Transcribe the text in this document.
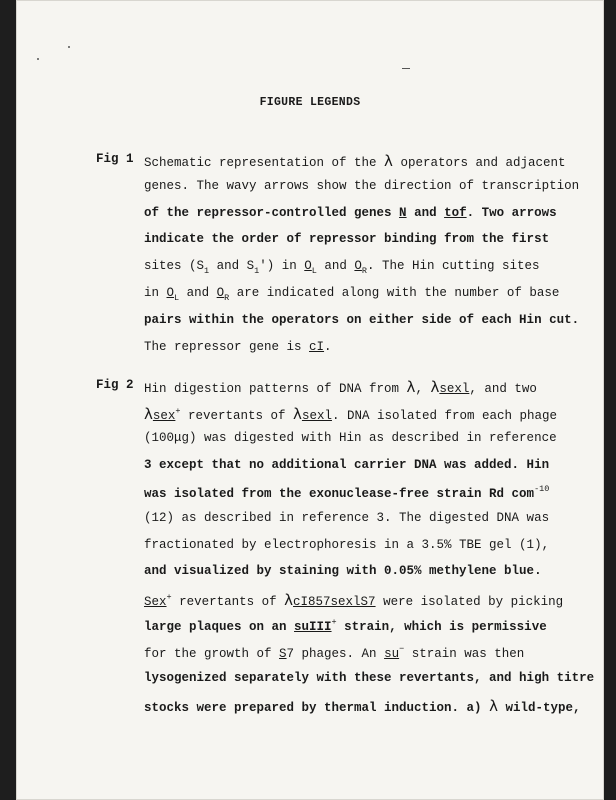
FIGURE LEGENDS
Fig 1 Schematic representation of the λ operators and adjacent
genes. The wavy arrows show the direction of transcription
of the repressor-controlled genes N and tof. Two arrows
indicate the order of repressor binding from the first
sites ($S_1$ and $S_1'$) in $O_L$ and $O_R$. The Hin cutting sites
in $O_L$ and $O_R$ are indicated along with the number of base
pairs within the operators on either side of each Hin cut.
The repressor gene is cI.
Fig 2 Hin digestion patterns of DNA from λ, λsexl, and two
λsex+ revertants of λsexl. DNA isolated from each phage
(100μg) was digested with Hin as described in reference
3 except that no additional carrier DNA was added. Hin
was isolated from the exonuclease-free strain Rd com$^{-10}$
(12) as described in reference 3. The digested DNA was
fractionated by electrophoresis in a 3.5% TBE gel (1),
and visualized by staining with 0.05% methylene blue.
Sex+ revertants of λcI857sexlS7 were isolated by picking
large plaques on an suIII+ strain, which is permissive
for the growth of S7 phages. An su− strain was then
lysogenized separately with these revertants, and high titre
stocks were prepared by thermal induction. a) λ wild-type,
